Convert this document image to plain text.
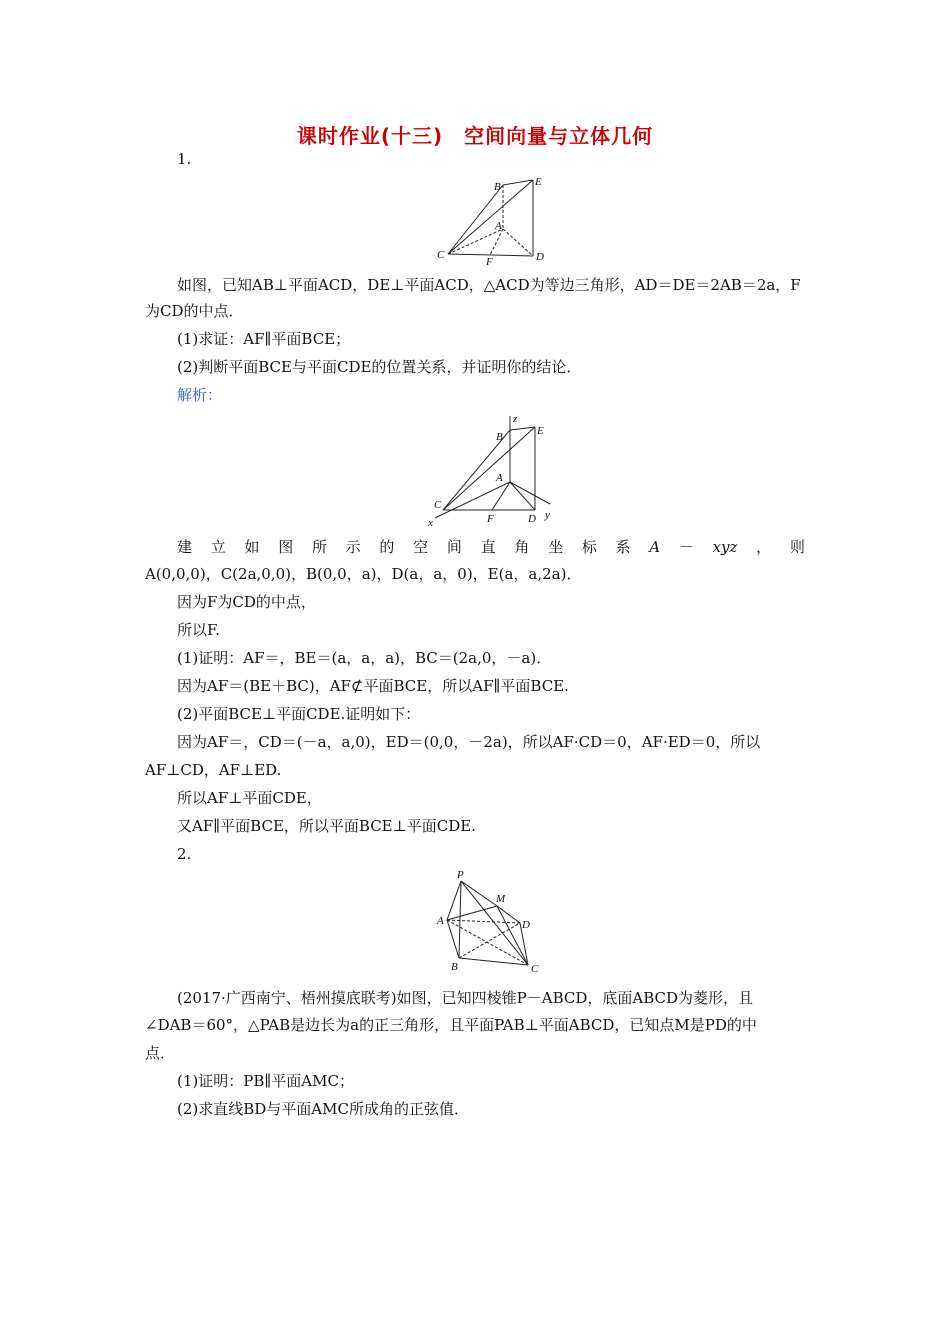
课时作业(十三)　空间向量与立体几何
1.
B	E
A
C
F	D
如图，已知AB⊥平面ACD，DE⊥平面ACD，△ACD为等边三角形，AD＝DE＝2AB＝2a，F
为CD的中点．
(1)求证：AF∥平面BCE；
(2)判断平面BCE与平面CDE的位置关系，并证明你的结论．
解析：
z
B	E
A
C
x	F	D y
建 立 如 图 所 示 的 空 间 直 角 坐 标 系 A － xyz ， 则
A(0,0,0)，C(2a,0,0)，B(0,0，a)，D(a，a，0)，E(a，a,2a)．
因为F为CD的中点，
所以F.
(1)证明：AF＝，BE＝(a，a，a)，BC＝(2a,0，－a)．
因为AF＝(BE＋BC)，AF⊄平面BCE，所以AF∥平面BCE.
(2)平面BCE⊥平面CDE.证明如下：
因为AF＝，CD＝(－a，a,0)，ED＝(0,0，－2a)，所以AF·CD＝0，AF·ED＝0，所以
AF⊥CD，AF⊥ED.
所以AF⊥平面CDE，
又AF∥平面BCE，所以平面BCE⊥平面CDE.
2.
P
M
A	D
B	C
(2017·广西南宁、梧州摸底联考)如图，已知四棱锥P－ABCD，底面ABCD为菱形，且
∠DAB＝60°，△PAB是边长为a的正三角形，且平面PAB⊥平面ABCD，已知点M是PD的中
点．
(1)证明：PB∥平面AMC；
(2)求直线BD与平面AMC所成角的正弦值．
